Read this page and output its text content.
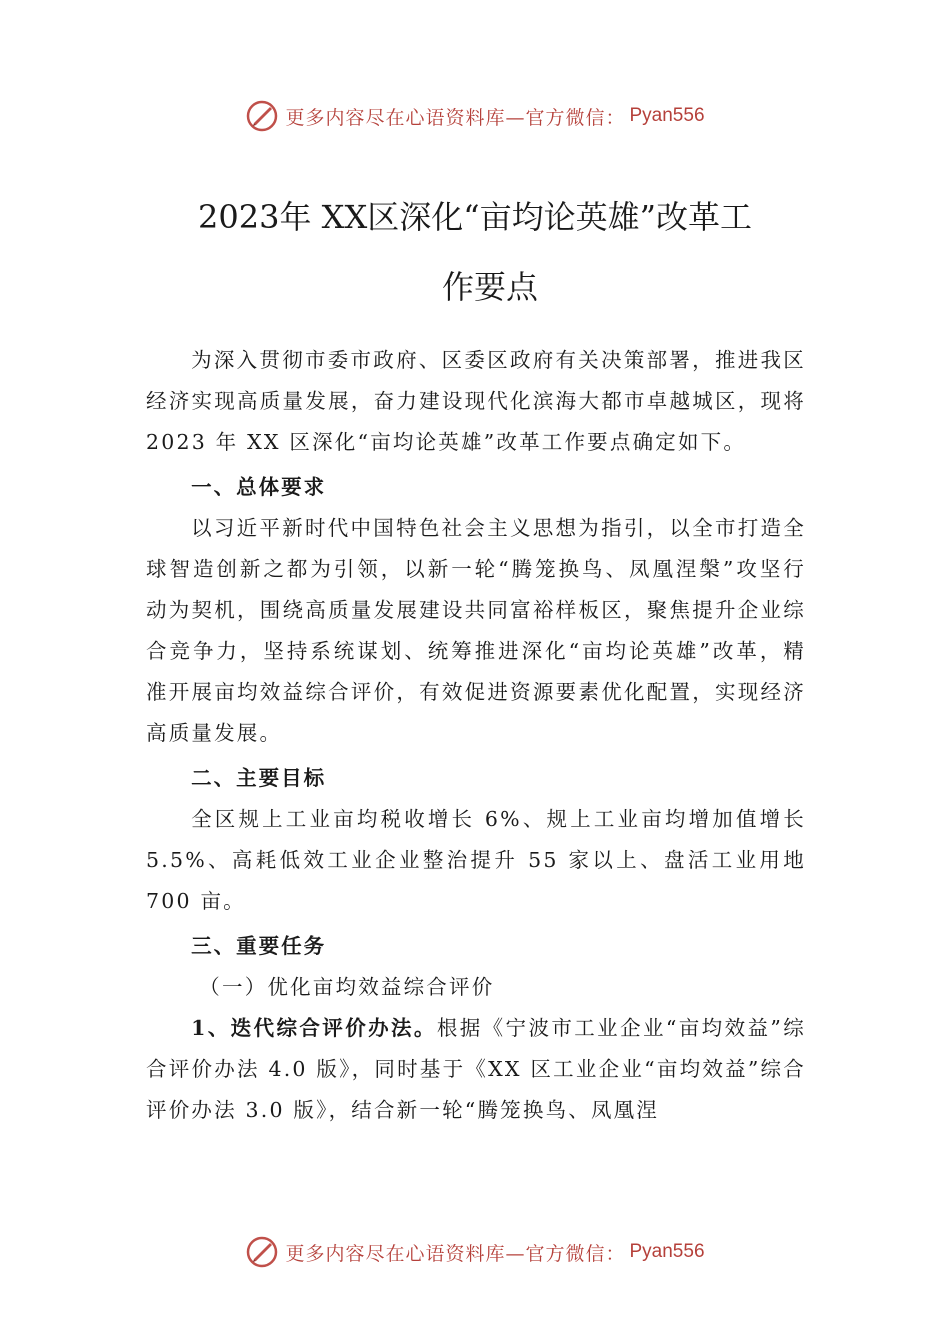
更多内容尽在心语资料库—官方微信： Pyan556
2023年 XX区深化“亩均论英雄”改革工
作要点

为深入贯彻市委市政府、区委区政府有关决策部署，推进我区经济实现高质量发展，奋力建设现代化滨海大都市卓越城区，现将 2023 年 XX 区深化“亩均论英雄”改革工作要点确定如下。

一、总体要求

以习近平新时代中国特色社会主义思想为指引，以全市打造全球智造创新之都为引领，以新一轮“腾笼换鸟、凤凰涅槃”攻坚行动为契机，围绕高质量发展建设共同富裕样板区，聚焦提升企业综合竞争力，坚持系统谋划、统筹推进深化“亩均论英雄”改革，精准开展亩均效益综合评价，有效促进资源要素优化配置，实现经济高质量发展。

二、主要目标

全区规上工业亩均税收增长 6%、规上工业亩均增加值增长 5.5%、高耗低效工业企业整治提升 55 家以上、盘活工业用地 700 亩。

三、重要任务

（一）优化亩均效益综合评价

1、迭代综合评价办法。根据《宁波市工业企业“亩均效益”综合评价办法 4.0 版》，同时基于《XX 区工业企业“亩均效益”综合评价办法 3.0 版》，结合新一轮“腾笼换鸟、凤凰涅

更多内容尽在心语资料库—官方微信： Pyan556
